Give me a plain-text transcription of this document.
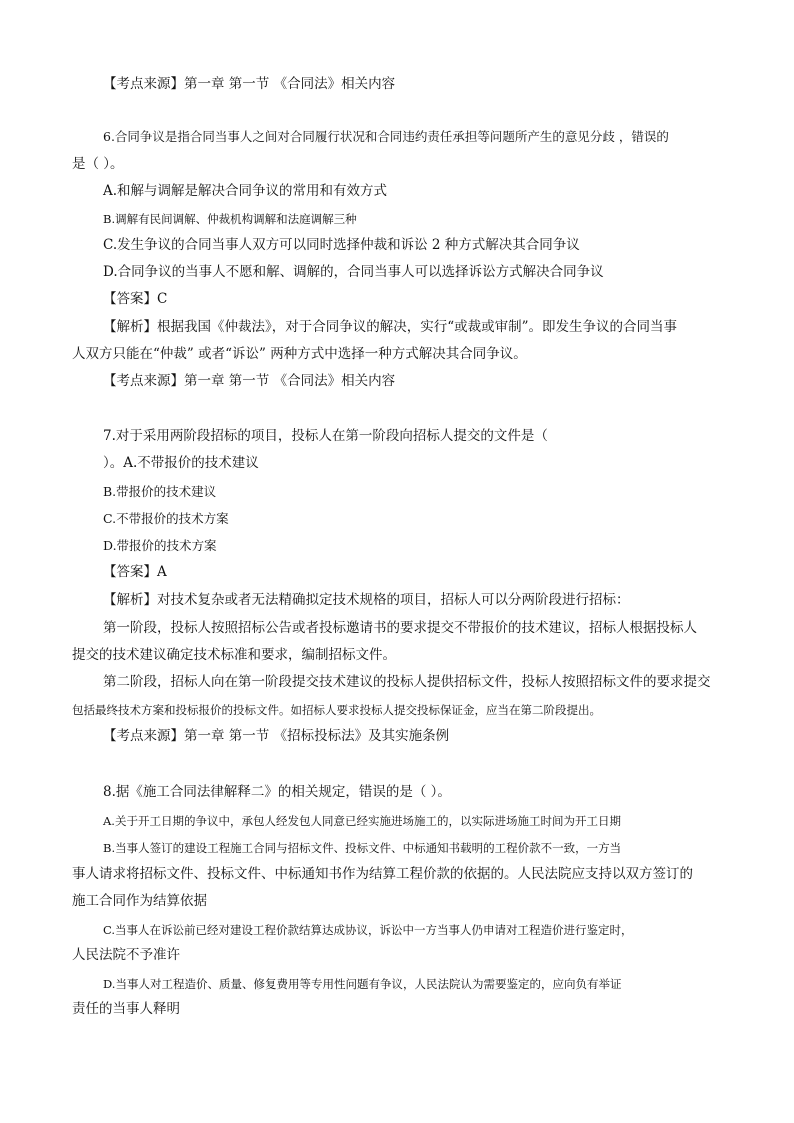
【考点来源】第一章 第一节 《合同法》相关内容
6.合同争议是指合同当事人之间对合同履行状况和合同违约责任承担等问题所产生的意见分歧 ，错误的
是（ ）。
A.和解与调解是解决合同争议的常用和有效方式
B.调解有民间调解、仲裁机构调解和法庭调解三种
C.发生争议的合同当事人双方可以同时选择仲裁和诉讼 2 种方式解决其合同争议
D.合同争议的当事人不愿和解、调解的，合同当事人可以选择诉讼方式解决合同争议
【答案】C
【解析】根据我国《仲裁法》，对于合同争议的解决，实行“或裁或审制”。即发生争议的合同当事
人双方只能在“仲裁” 或者“诉讼” 两种方式中选择一种方式解决其合同争议。
【考点来源】第一章 第一节 《合同法》相关内容
7.对于采用两阶段招标的项目，投标人在第一阶段向招标人提交的文件是（
）。A.不带报价的技术建议
B.带报价的技术建议
C.不带报价的技术方案
D.带报价的技术方案
【答案】A
【解析】对技术复杂或者无法精确拟定技术规格的项目，招标人可以分两阶段进行招标：
第一阶段，投标人按照招标公告或者投标邀请书的要求提交不带报价的技术建议，招标人根据投标人
提交的技术建议确定技术标准和要求，编制招标文件。
第二阶段，招标人向在第一阶段提交技术建议的投标人提供招标文件，投标人按照招标文件的要求提交
包括最终技术方案和投标报价的投标文件。如招标人要求投标人提交投标保证金，应当在第二阶段提出。
【考点来源】第一章 第一节 《招标投标法》及其实施条例
8.据《施工合同法律解释二》的相关规定，错误的是（ ）。
A.关于开工日期的争议中，承包人经发包人同意已经实施进场施工的，以实际进场施工时间为开工日期
B.当事人签订的建设工程施工合同与招标文件、投标文件、中标通知书载明的工程价款不一致，一方当
事人请求将招标文件、投标文件、中标通知书作为结算工程价款的依据的。人民法院应支持以双方签订的
施工合同作为结算依据
C.当事人在诉讼前已经对建设工程价款结算达成协议，诉讼中一方当事人仍申请对工程造价进行鉴定时，
人民法院不予准许
D.当事人对工程造价、质量、修复费用等专用性问题有争议，人民法院认为需要鉴定的，应向负有举证
责任的当事人释明
